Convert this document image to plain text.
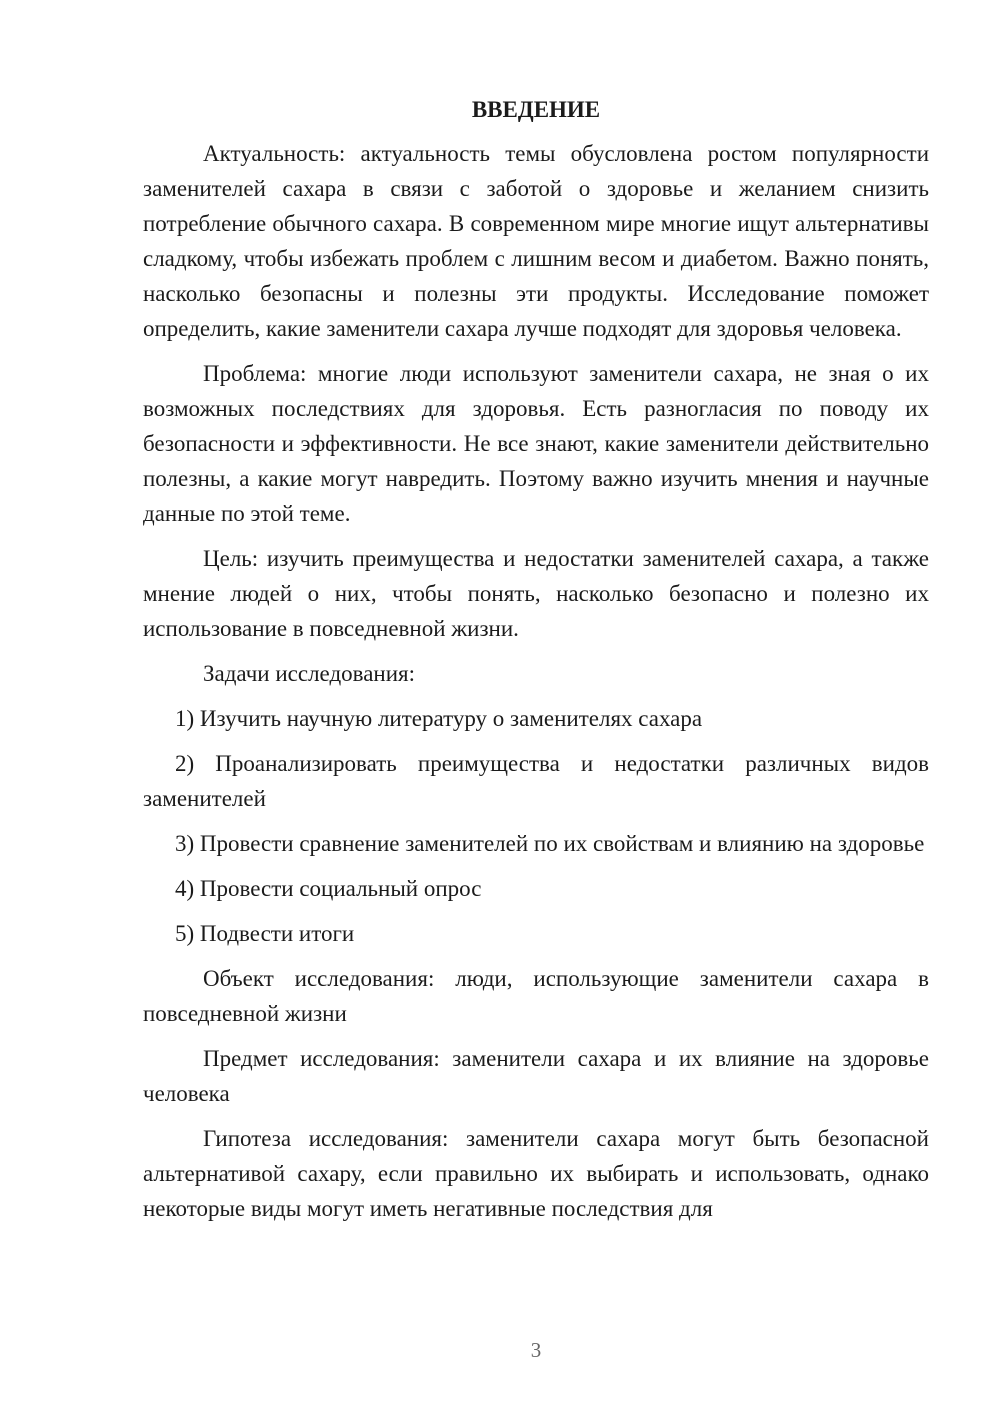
ВВЕДЕНИЕ

Актуальность: актуальность темы обусловлена ростом популярности заменителей сахара в связи с заботой о здоровье и желанием снизить потребление обычного сахара. В современном мире многие ищут альтернативы сладкому, чтобы избежать проблем с лишним весом и диабетом. Важно понять, насколько безопасны и полезны эти продукты. Исследование поможет определить, какие заменители сахара лучше подходят для здоровья человека.

Проблема: многие люди используют заменители сахара, не зная о их возможных последствиях для здоровья. Есть разногласия по поводу их безопасности и эффективности. Не все знают, какие заменители действительно полезны, а какие могут навредить. Поэтому важно изучить мнения и научные данные по этой теме.

Цель: изучить преимущества и недостатки заменителей сахара, а также мнение людей о них, чтобы понять, насколько безопасно и полезно их использование в повседневной жизни.

Задачи исследования:

1) Изучить научную литературу о заменителях сахара

2) Проанализировать преимущества и недостатки различных видов заменителей

3) Провести сравнение заменителей по их свойствам и влиянию на здоровье

4) Провести социальный опрос

5) Подвести итоги

Объект исследования: люди, использующие заменители сахара в повседневной жизни

Предмет исследования: заменители сахара и их влияние на здоровье человека

Гипотеза исследования: заменители сахара могут быть безопасной альтернативой сахару, если правильно их выбирать и использовать, однако некоторые виды могут иметь негативные последствия для

3
